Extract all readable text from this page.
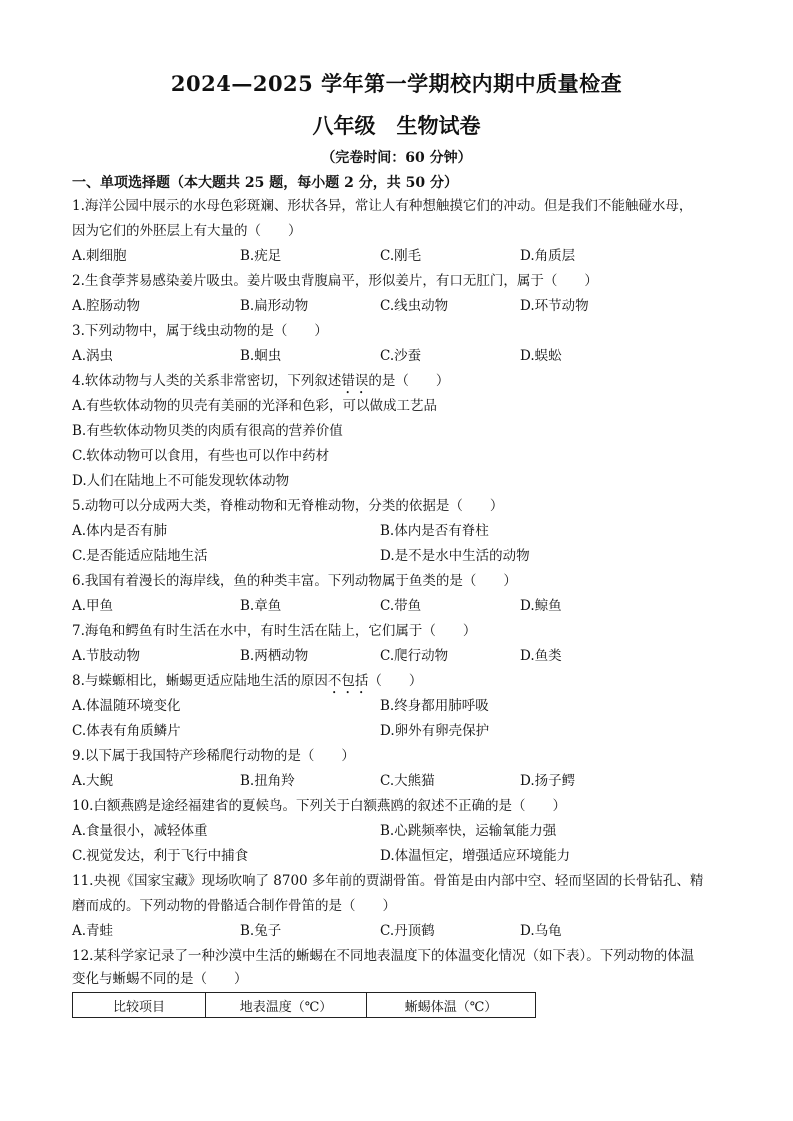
2024—2025 学年第一学期校内期中质量检查
八年级　生物试卷
（完卷时间：60 分钟）
一、单项选择题（本大题共 25 题，每小题 2 分，共 50 分）
1.海洋公园中展示的水母色彩斑斓、形状各异，常让人有种想触摸它们的冲动。但是我们不能触碰水母，
因为它们的外胚层上有大量的（　　）
A.刺细胞	B.疣足	C.刚毛	D.角质层
2.生食荸荠易感染姜片吸虫。姜片吸虫背腹扁平，形似姜片，有口无肛门，属于（　　）
A.腔肠动物	B.扁形动物	C.线虫动物	D.环节动物
3.下列动物中，属于线虫动物的是（　　）
A.涡虫	B.蛔虫	C.沙蚕	D.蜈蚣
4.软体动物与人类的关系非常密切，下列叙述错误的是（　　）
A.有些软体动物的贝壳有美丽的光泽和色彩，可以做成工艺品
B.有些软体动物贝类的肉质有很高的营养价值
C.软体动物可以食用，有些也可以作中药材
D.人们在陆地上不可能发现软体动物
5.动物可以分成两大类，脊椎动物和无脊椎动物，分类的依据是（　　）
A.体内是否有肺	B.体内是否有脊柱
C.是否能适应陆地生活	D.是不是水中生活的动物
6.我国有着漫长的海岸线，鱼的种类丰富。下列动物属于鱼类的是（　　）
A.甲鱼	B.章鱼	C.带鱼	D.鲸鱼
7.海龟和鳄鱼有时生活在水中，有时生活在陆上，它们属于（　　）
A.节肢动物	B.两栖动物	C.爬行动物	D.鱼类
8.与蝾螈相比，蜥蜴更适应陆地生活的原因不包括（　　）
A.体温随环境变化	B.终身都用肺呼吸
C.体表有角质鳞片	D.卵外有卵壳保护
9.以下属于我国特产珍稀爬行动物的是（　　）
A.大鲵	B.扭角羚	C.大熊猫	D.扬子鳄
10.白额燕鸥是途经福建省的夏候鸟。下列关于白额燕鸥的叙述不正确的是（　　）
A.食量很小，减轻体重	B.心跳频率快，运输氧能力强
C.视觉发达，利于飞行中捕食	D.体温恒定，增强适应环境能力
11.央视《国家宝藏》现场吹响了 8700 多年前的贾湖骨笛。骨笛是由内部中空、轻而坚固的长骨钻孔、精
磨而成的。下列动物的骨骼适合制作骨笛的是（　　）
A.青蛙	B.兔子	C.丹顶鹤	D.乌龟
12.某科学家记录了一种沙漠中生活的蜥蜴在不同地表温度下的体温变化情况（如下表）。下列动物的体温
变化与蜥蜴不同的是（　　）
比较项目	地表温度（℃）	蜥蜴体温（℃）
